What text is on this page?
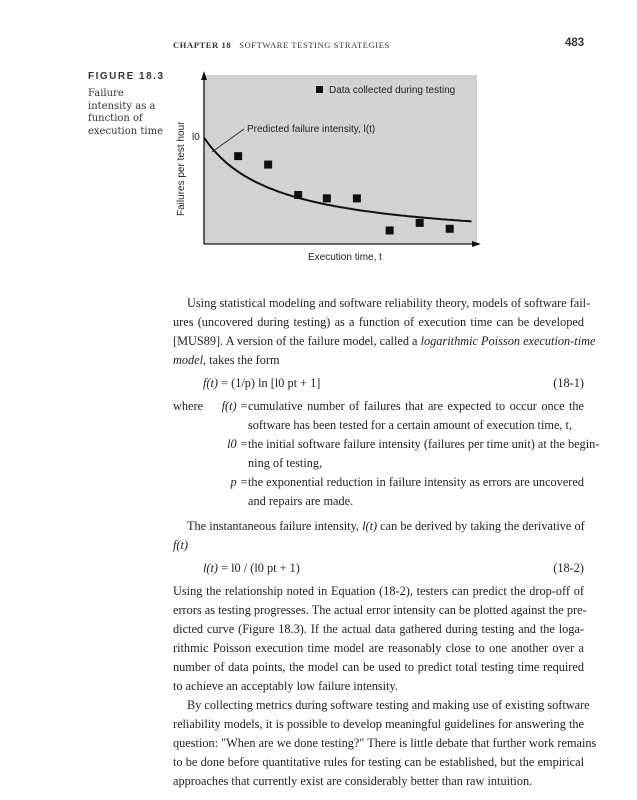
CHAPTER 18 SOFTWARE TESTING STRATEGIES	483
FIGURE 18.3
Failure intensity as a function of execution time	Failures per test hour
Execution time, t
l0
Data collected during testing
Predicted failure intensity, l(t)
Using statistical modeling and software reliability theory, models of software fail-
ures (uncovered during testing) as a function of execution time can be developed
[MUS89]. A version of the failure model, called a logarithmic Poisson execution-time
model, takes the form
f(t) = (1/p) ln [l0 pt + 1]	(18-1)
where f(t) = cumulative number of failures that are expected to occur once the
software has been tested for a certain amount of execution time, t,
l0 = the initial software failure intensity (failures per time unit) at the begin-
ning of testing,
p = the exponential reduction in failure intensity as errors are uncovered
and repairs are made.
The instantaneous failure intensity, l(t) can be derived by taking the derivative of
f(t)
l(t) = l0 / (l0 pt + 1)	(18-2)
Using the relationship noted in Equation (18-2), testers can predict the drop-off of
errors as testing progresses. The actual error intensity can be plotted against the pre-
dicted curve (Figure 18.3). If the actual data gathered during testing and the loga-
rithmic Poisson execution time model are reasonably close to one another over a
number of data points, the model can be used to predict total testing time required
to achieve an acceptably low failure intensity.
By collecting metrics during software testing and making use of existing software
reliability models, it is possible to develop meaningful guidelines for answering the
question: "When are we done testing?" There is little debate that further work remains
to be done before quantitative rules for testing can be established, but the empirical
approaches that currently exist are considerably better than raw intuition.
